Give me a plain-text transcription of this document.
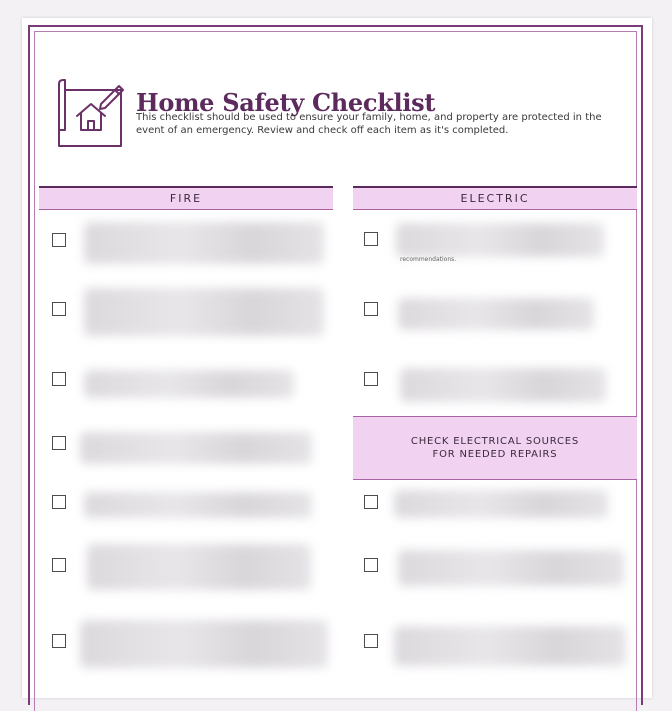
Home Safety Checklist

This checklist should be used to ensure your family, home, and property are protected in the event of an emergency. Review and check off each item as it's completed.

FIRE	ELECTRIC
recommendations.
CHECK ELECTRICAL SOURCES
FOR NEEDED REPAIRS
